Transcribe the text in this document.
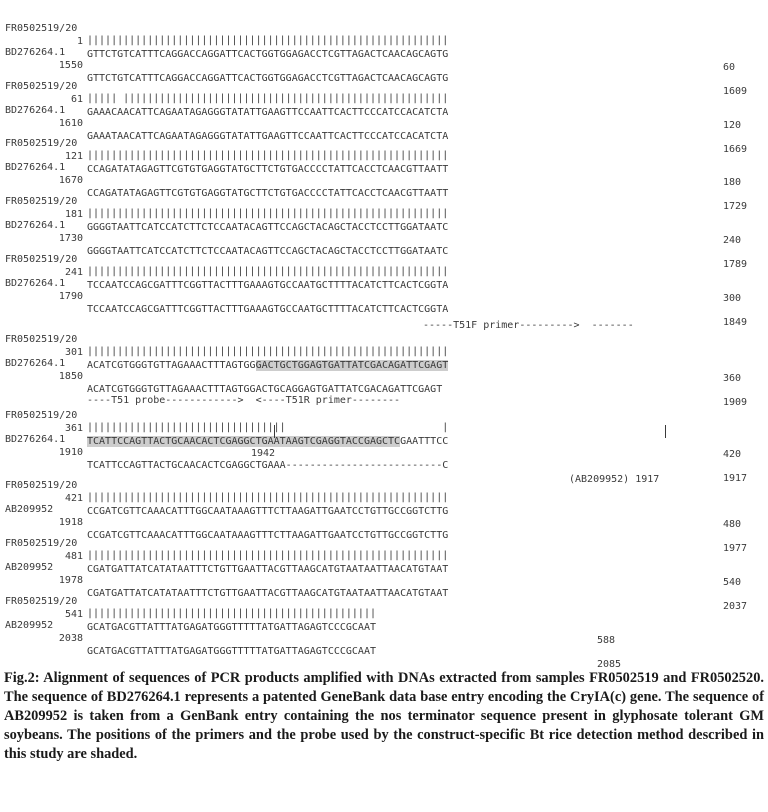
FR0502519/20

1

GTTCTGTCATTTCAGGACCAGGATTCACTGGTGGAGACCTCGTTAGACTCAACAGCAGTG

60

||||||||||||||||||||||||||||||||||||||||||||||||||||||||||||

BD276264.1

1550

GTTCTGTCATTTCAGGACCAGGATTCACTGGTGGAGACCTCGTTAGACTCAACAGCAGTG

1609

FR0502519/20

61

GAAACAACATTCAGAATAGAGGGTATATTGAAGTTCCAATTCACTTCCCATCCACATCTA

120

||||| ||||||||||||||||||||||||||||||||||||||||||||||||||||||

BD276264.1

1610

GAAATAACATTCAGAATAGAGGGTATATTGAAGTTCCAATTCACTTCCCATCCACATCTA

1669

FR0502519/20

121

CCAGATATAGAGTTCGTGTGAGGTATGCTTCTGTGACCCCTATTCACCTCAACGTTAATT

180

||||||||||||||||||||||||||||||||||||||||||||||||||||||||||||

BD276264.1

1670

CCAGATATAGAGTTCGTGTGAGGTATGCTTCTGTGACCCCTATTCACCTCAACGTTAATT

1729

FR0502519/20

181

GGGGTAATTCATCCATCTTCTCCAATACAGTTCCAGCTACAGCTACCTCCTTGGATAATC

240

||||||||||||||||||||||||||||||||||||||||||||||||||||||||||||

BD276264.1

1730

GGGGTAATTCATCCATCTTCTCCAATACAGTTCCAGCTACAGCTACCTCCTTGGATAATC

1789

FR0502519/20

241

TCCAATCCAGCGATTTCGGTTACTTTGAAAGTGCCAATGCTTTTACATCTTCACTCGGTA

300

||||||||||||||||||||||||||||||||||||||||||||||||||||||||||||

BD276264.1

1790

TCCAATCCAGCGATTTCGGTTACTTTGAAAGTGCCAATGCTTTTACATCTTCACTCGGTA

1849

-----T51F primer--------->  -------

FR0502519/20

301

ACATCGTGGGTGTTAGAAACTTTAGTGGGACTGCTGGAGTGATTATCGACAGATTCGAGT

360

||||||||||||||||||||||||||||||||||||||||||||||||||||||||||||

BD276264.1

1850

ACATCGTGGGTGTTAGAAACTTTAGTGGACTGCAGGAGTGATTATCGACAGATTCGAGT

1909

----T51 probe------------>  <----T51R primer--------

FR0502519/20

361

TCATTCCAGTTACTGCAACACTCGAGGCTGAATAAGTCGAGGTACCGAGCTCGAATTTCC

420

|||||||||||||||||||||||||||||||||                          |

BD276264.1

1910

TCATTCCAGTTACTGCAACACTCGAGGCTGAAA--------------------------C

1917

1942

(AB209952) 1917

FR0502519/20

421

CCGATCGTTCAAACATTTGGCAATAAAGTTTCTTAAGATTGAATCCTGTTGCCGGTCTTG

480

||||||||||||||||||||||||||||||||||||||||||||||||||||||||||||

AB209952

1918

CCGATCGTTCAAACATTTGGCAATAAAGTTTCTTAAGATTGAATCCTGTTGCCGGTCTTG

1977

FR0502519/20

481

CGATGATTATCATATAATTTCTGTTGAATTACGTTAAGCATGTAATAATTAACATGTAAT

540

||||||||||||||||||||||||||||||||||||||||||||||||||||||||||||

AB209952

1978

CGATGATTATCATATAATTTCTGTTGAATTACGTTAAGCATGTAATAATTAACATGTAAT

2037

FR0502519/20

541

GCATGACGTTATTTATGAGATGGGTTTTTATGATTAGAGTCCCGCAAT

588

||||||||||||||||||||||||||||||||||||||||||||||||

AB209952

2038

GCATGACGTTATTTATGAGATGGGTTTTTATGATTAGAGTCCCGCAAT

2085

Fig.2: Alignment of sequences of PCR products amplified with DNAs extracted from samples FR0502519 and FR0502520. The sequence of BD276264.1 represents a patented GeneBank data base entry encoding the CryIA(c) gene. The sequence of AB209952 is taken from a GenBank entry containing the nos terminator sequence present in glyphosate tolerant GM soybeans. The positions of the primers and the probe used by the construct-specific Bt rice detection method described in this study are shaded.
